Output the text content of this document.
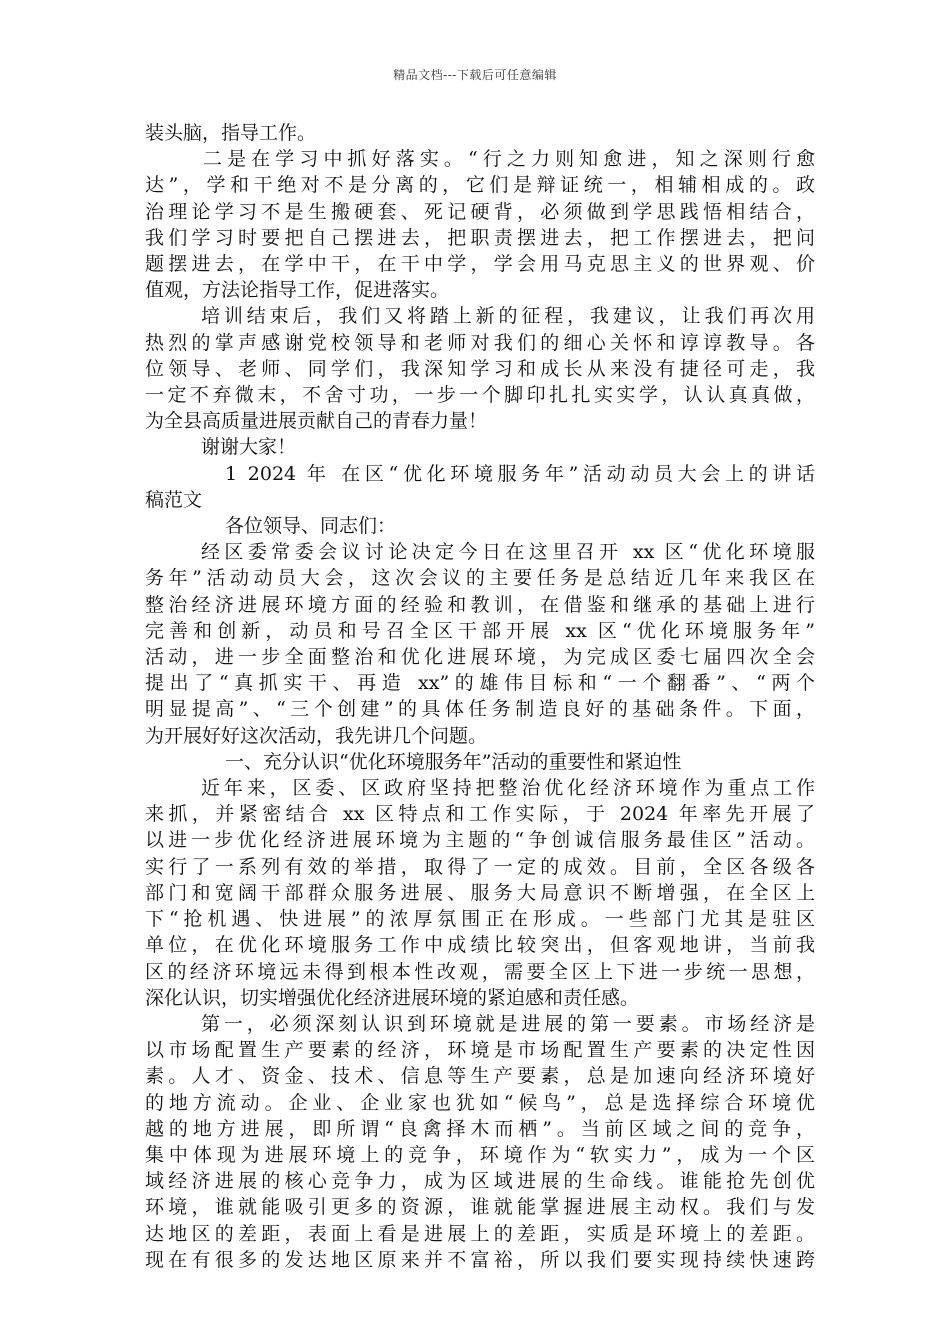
精品文档---下载后可任意编辑
装头脑，指导工作。
二是在学习中抓好落实。“行之力则知愈进，知之深则行愈
达”，学和干绝对不是分离的，它们是辩证统一，相辅相成的。政
治理论学习不是生搬硬套、死记硬背，必须做到学思践悟相结合，
我们学习时要把自己摆进去，把职责摆进去，把工作摆进去，把问
题摆进去，在学中干，在干中学，学会用马克思主义的世界观、价
值观，方法论指导工作，促进落实。
培训结束后，我们又将踏上新的征程，我建议，让我们再次用
热烈的掌声感谢党校领导和老师对我们的细心关怀和谆谆教导。各
位领导、老师、同学们，我深知学习和成长从来没有捷径可走，我
一定不弃微末，不舍寸功，一步一个脚印扎扎实实学，认认真真做，
为全县高质量进展贡献自己的青春力量！
谢谢大家！
1 2024 年 在区“优化环境服务年”活动动员大会上的讲话
稿范文
各位领导、同志们：
经区委常委会议讨论决定今日在这里召开 xx 区“优化环境服
务年”活动动员大会，这次会议的主要任务是总结近几年来我区在
整治经济进展环境方面的经验和教训，在借鉴和继承的基础上进行
完善和创新，动员和号召全区干部开展 xx 区“优化环境服务年”
活动，进一步全面整治和优化进展环境，为完成区委七届四次全会
提出了“真抓实干、再造 xx”的雄伟目标和“一个翻番”、“两个
明显提高”、“三个创建”的具体任务制造良好的基础条件。下面，
为开展好好这次活动，我先讲几个问题。
一、充分认识“优化环境服务年”活动的重要性和紧迫性
近年来，区委、区政府坚持把整治优化经济环境作为重点工作
来抓，并紧密结合 xx 区特点和工作实际，于 2024 年率先开展了
以进一步优化经济进展环境为主题的“争创诚信服务最佳区”活动。
实行了一系列有效的举措，取得了一定的成效。目前，全区各级各
部门和宽阔干部群众服务进展、服务大局意识不断增强，在全区上
下“抢机遇、快进展”的浓厚氛围正在形成。一些部门尤其是驻区
单位，在优化环境服务工作中成绩比较突出，但客观地讲，当前我
区的经济环境远未得到根本性改观，需要全区上下进一步统一思想，
深化认识，切实增强优化经济进展环境的紧迫感和责任感。
第一，必须深刻认识到环境就是进展的第一要素。市场经济是
以市场配置生产要素的经济，环境是市场配置生产要素的决定性因
素。人才、资金、技术、信息等生产要素，总是加速向经济环境好
的地方流动。企业、企业家也犹如“候鸟”，总是选择综合环境优
越的地方进展，即所谓“良禽择木而栖”。当前区域之间的竞争，
集中体现为进展环境上的竞争，环境作为“软实力”，成为一个区
域经济进展的核心竞争力，成为区域进展的生命线。谁能抢先创优
环境，谁就能吸引更多的资源，谁就能掌握进展主动权。我们与发
达地区的差距，表面上看是进展上的差距，实质是环境上的差距。
现在有很多的发达地区原来并不富裕，所以我们要实现持续快速跨
